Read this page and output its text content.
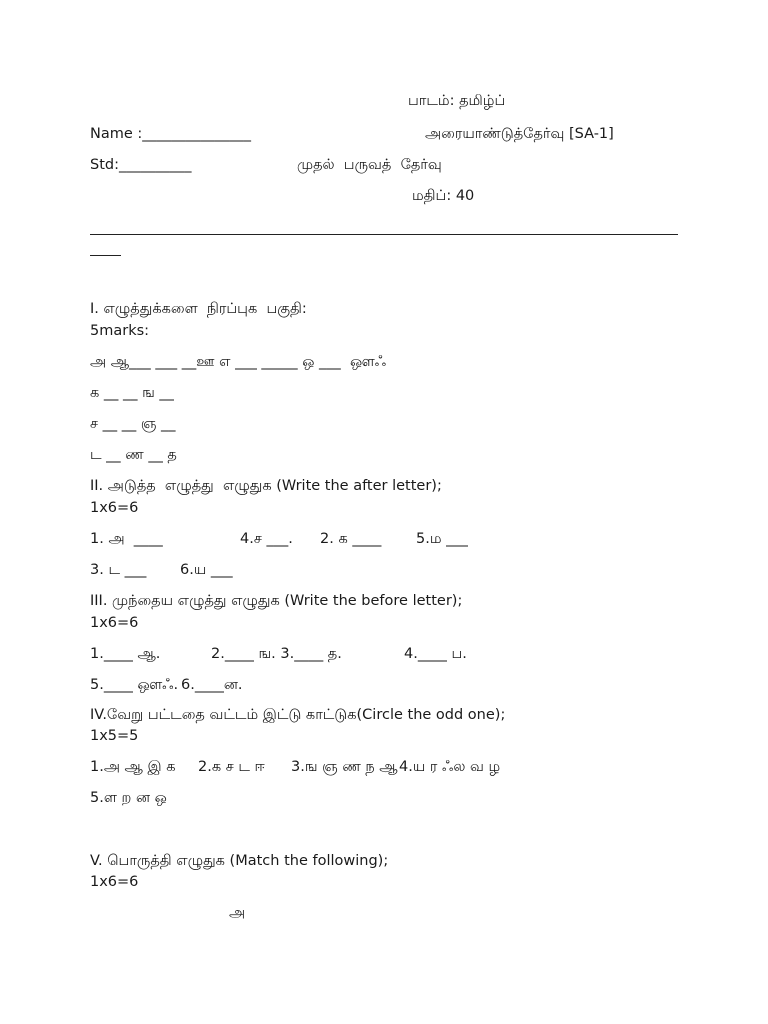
பாடம்: தமிழ்ப்
Name :_______________	அரையாண்டுத்தேர்வு [SA-1]
Std:__________	முதல்  பருவத்  தேர்வு
மதிப்: 40
I. எழுத்துக்களை  நிரப்புக  பகுதி:
5marks:
அ ஆ___ ___ __ஊ எ ___ _____ ஒ ___  ஔஃ
க __ __ ங __
ச __ __ ஞ __
ட __ ண __ த
II. அடுத்த  எழுத்து  எழுதுக (Write the after letter);
1x6=6
1. அ  ____	4.ச ___. 2. க ____ 5.ம ___
3. ட ___ 6.ய ___
III. முந்தைய எழுத்து எழுதுக (Write the before letter);
1x6=6
1.____ ஆ.	2.____ ங. 3.____ த.	4.____ ப.
5.____ ஔஃ. 6.____ன.
IV.வேறு பட்டதை வட்டம் இட்டு காட்டுக(Circle the odd one);
1x5=5
1.அ ஆ இ க 2.க ச ட ஈ 3.ங ஞ ண ந ஆ 4.ய ர ஃல வ ழ
5.ள ற ன ஒ
V. பொருத்தி எழுதுக (Match the following);
1x6=6
அ
